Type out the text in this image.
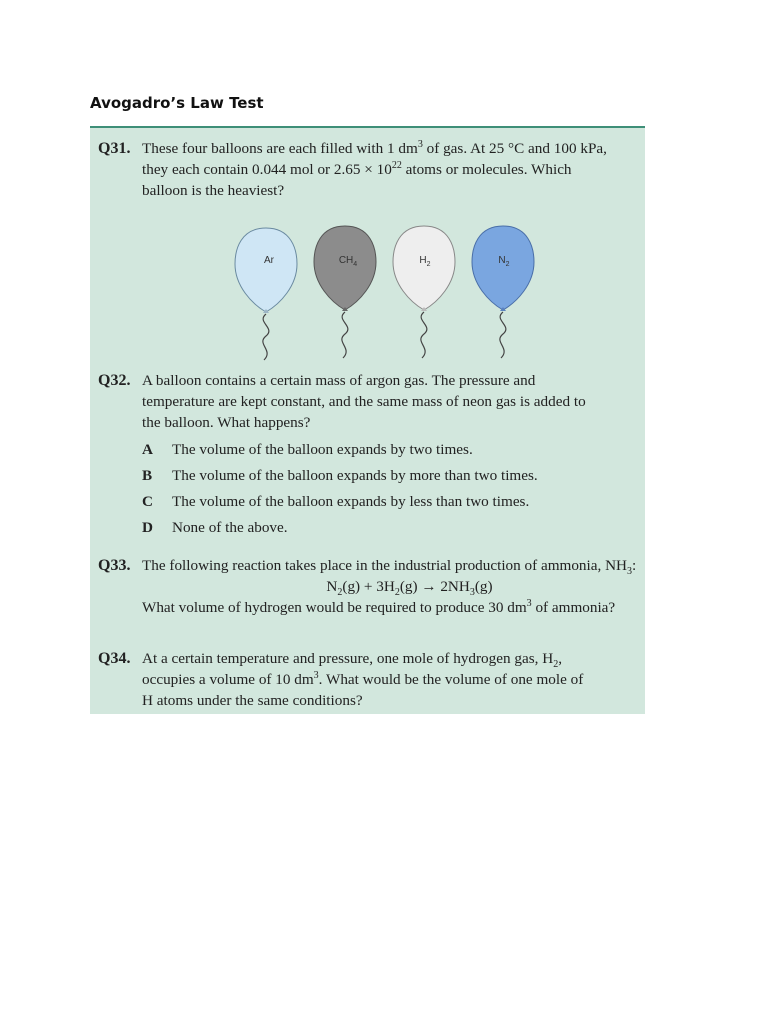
Avogadro’s Law Test
Q31. These four balloons are each filled with 1 $dm^3$ of gas. At 25 °C and 100 kPa,
they each contain 0.044 mol or $2.65 \times 10^{22}$ atoms or molecules. Which
balloon is the heaviest?
Ar	$CH_4$	$H_2$	$N_2$
Q32. A balloon contains a certain mass of argon gas. The pressure and
temperature are kept constant, and the same mass of neon gas is added to
the balloon. What happens?
A The volume of the balloon expands by two times.
B The volume of the balloon expands by more than two times.
C The volume of the balloon expands by less than two times.
D None of the above.
Q33. The following reaction takes place in the industrial production of ammonia, $NH_3$:
$N_2(g) + 3H_2(g) \to 2NH_3(g)$
What volume of hydrogen would be required to produce 30 $dm^3$ of ammonia?
Q34. At a certain temperature and pressure, one mole of hydrogen gas, $H_2$,
occupies a volume of 10 $dm^3$. What would be the volume of one mole of
H atoms under the same conditions?
